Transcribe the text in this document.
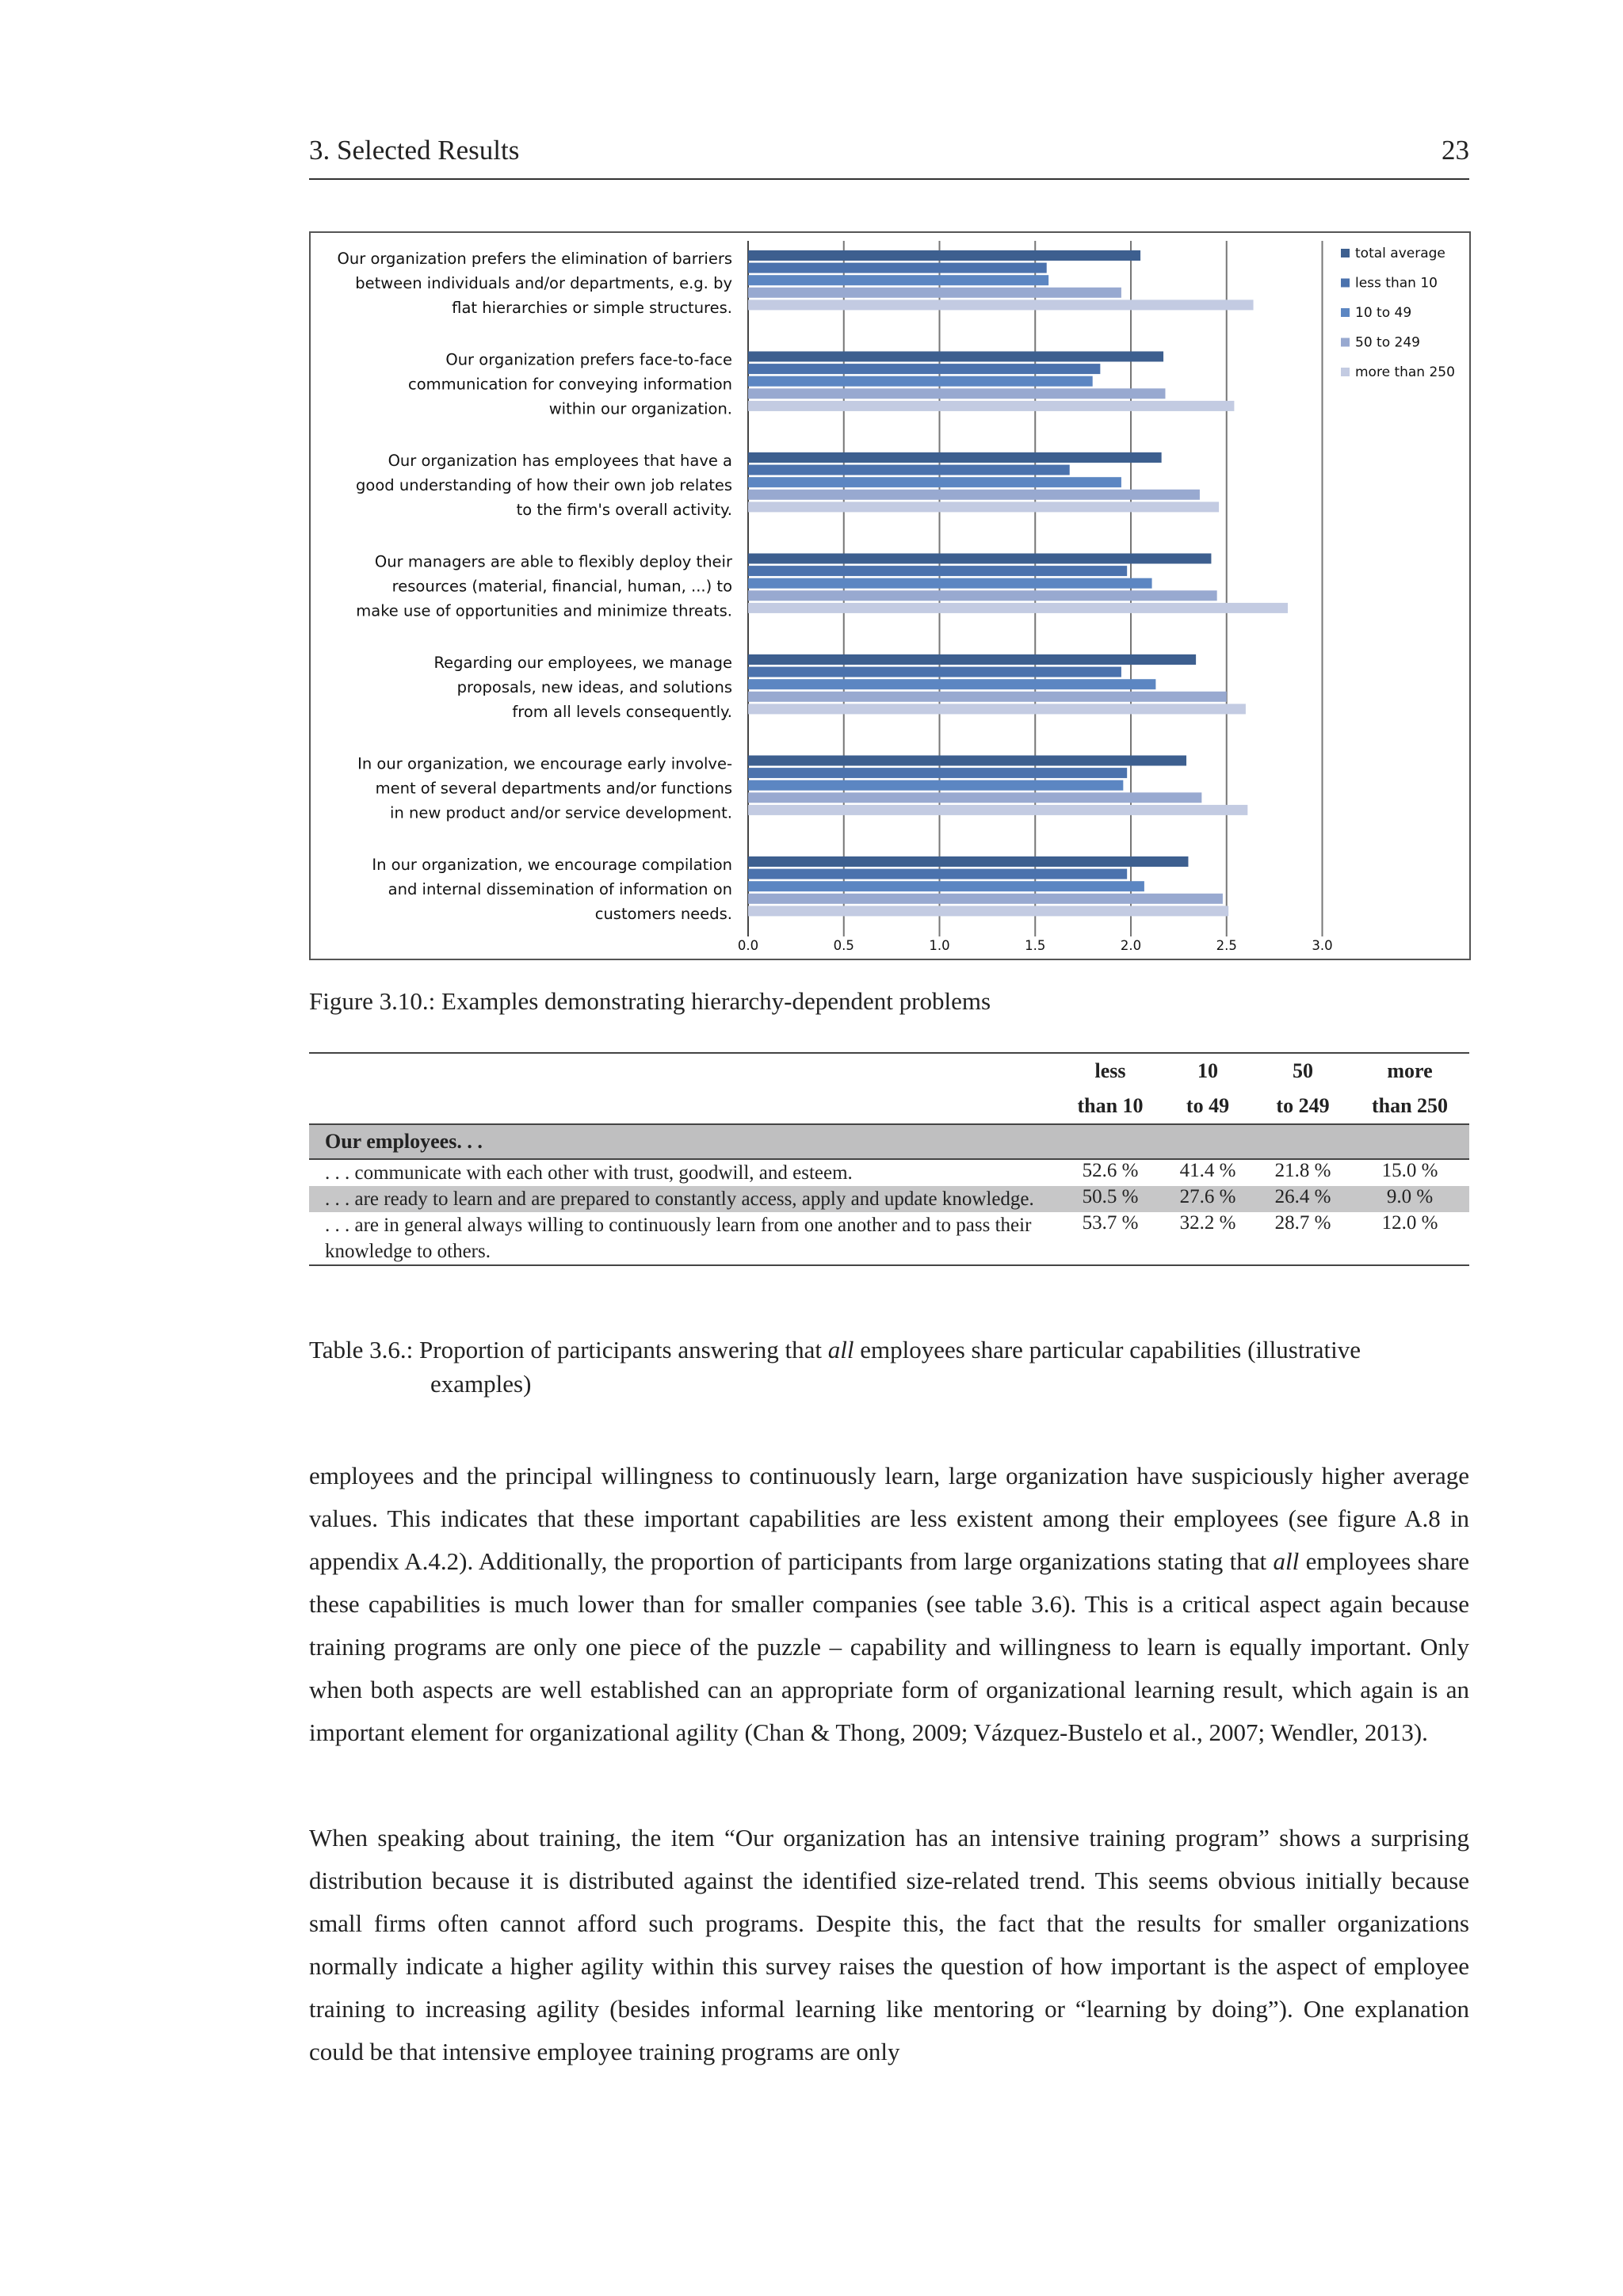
3. Selected Results	23
0.0	0.5	1.0	1.5	2.0	2.5	3.0
Our organization prefers the elimination of barriers
between individuals and/or departments, e.g. by
flat hierarchies or simple structures.
Our organization prefers face-to-face
communication for conveying information
within our organization.
Our organization has employees that have a
good understanding of how their own job relates
to the firm's overall activity.
Our managers are able to flexibly deploy their
resources (material, financial, human, ...) to
make use of opportunities and minimize threats.
Regarding our employees, we manage
proposals, new ideas, and solutions
from all levels consequently.
In our organization, we encourage early involve-
ment of several departments and/or functions
in new product and/or service development.
In our organization, we encourage compilation
and internal dissemination of information on
customers needs.
total average
less than 10
10 to 49
50 to 249
more than 250
Figure 3.10.: Examples demonstrating hierarchy-dependent problems
	less	10	50	more
	than 10	to 49	to 249	than 250
Our employees. . .				
. . . communicate with each other with trust, goodwill, and esteem.	52.6 %	41.4 %	21.8 %	15.0 %
. . . are ready to learn and are prepared to constantly access, apply and update knowledge.	50.5 %	27.6 %	26.4 %	9.0 %
. . . are in general always willing to continuously learn from one another and to pass their knowledge to others.	53.7 %	32.2 %	28.7 %	12.0 %
Table 3.6.: Proportion of participants answering that all employees share particular capabilities (illustrative
examples)
employees and the principal willingness to continuously learn, large organization have suspiciously higher average values. This indicates that these important capabilities are less existent among their employees (see figure A.8 in appendix A.4.2). Additionally, the proportion of participants from large organizations stating that all employees share these capabilities is much lower than for smaller companies (see table 3.6). This is a critical aspect again because training programs are only one piece of the puzzle – capability and willingness to learn is equally important. Only when both aspects are well established can an appropriate form of organizational learning result, which again is an important element for organizational agility (Chan & Thong, 2009; Vázquez-Bustelo et al., 2007; Wendler, 2013).
When speaking about training, the item “Our organization has an intensive training program” shows a surprising distribution because it is distributed against the identified size-related trend. This seems obvious initially because small firms often cannot afford such programs. Despite this, the fact that the results for smaller organizations normally indicate a higher agility within this survey raises the question of how important is the aspect of employee training to increasing agility (besides informal learning like mentoring or “learning by doing”). One explanation could be that intensive employee training programs are only
